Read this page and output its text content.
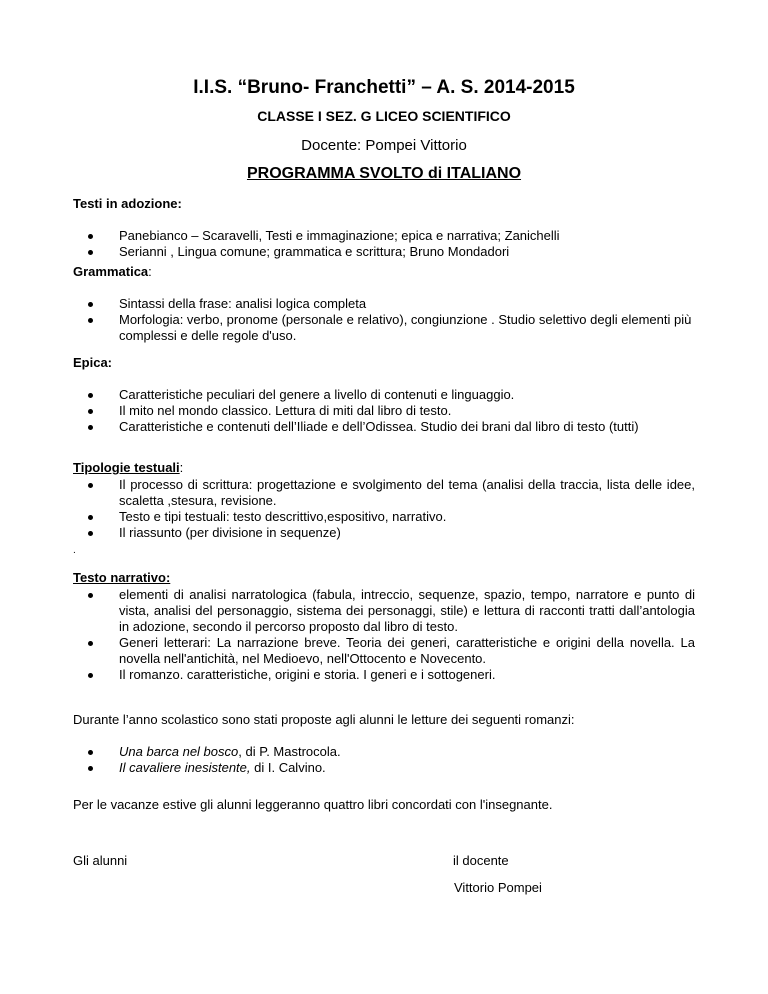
I.I.S. “Bruno- Franchetti” – A. S. 2014-2015
CLASSE I SEZ. G LICEO SCIENTIFICO
Docente: Pompei Vittorio
PROGRAMMA SVOLTO di ITALIANO
Testi in adozione:
Panebianco – Scaravelli, Testi e immaginazione; epica e narrativa; Zanichelli
Serianni , Lingua comune; grammatica e scrittura; Bruno Mondadori
Grammatica:
Sintassi della frase: analisi logica completa
Morfologia: verbo, pronome (personale e relativo), congiunzione . Studio selettivo degli elementi più complessi e delle regole d'uso.
Epica:
Caratteristiche peculiari del genere a livello di contenuti e linguaggio.
Il mito nel mondo classico. Lettura di miti dal libro di testo.
Caratteristiche e contenuti dell’Iliade e dell’Odissea. Studio dei brani dal libro di testo (tutti)
Tipologie testuali:
Il processo di scrittura: progettazione e svolgimento del tema (analisi della traccia, lista delle idee, scaletta ,stesura, revisione.
Testo e tipi testuali: testo descrittivo,espositivo, narrativo.
Il riassunto (per divisione in sequenze)
.
Testo narrativo:
elementi di analisi narratologica (fabula, intreccio, sequenze, spazio, tempo, narratore e punto di vista, analisi del personaggio, sistema dei personaggi, stile) e lettura di racconti tratti dall’antologia in adozione, secondo il percorso proposto dal libro di testo.
Generi letterari: La narrazione breve. Teoria dei generi, caratteristiche e origini della novella. La novella nell'antichità, nel Medioevo, nell'Ottocento e Novecento.
Il romanzo. caratteristiche, origini e storia. I generi e i sottogeneri.
Durante l’anno scolastico sono stati proposte agli alunni le letture dei seguenti romanzi:
Una barca nel bosco, di P. Mastrocola.
Il cavaliere inesistente, di I. Calvino.
Per le vacanze estive gli alunni leggeranno quattro libri concordati con l'insegnante.
Gli alunni	il docente
Vittorio Pompei
